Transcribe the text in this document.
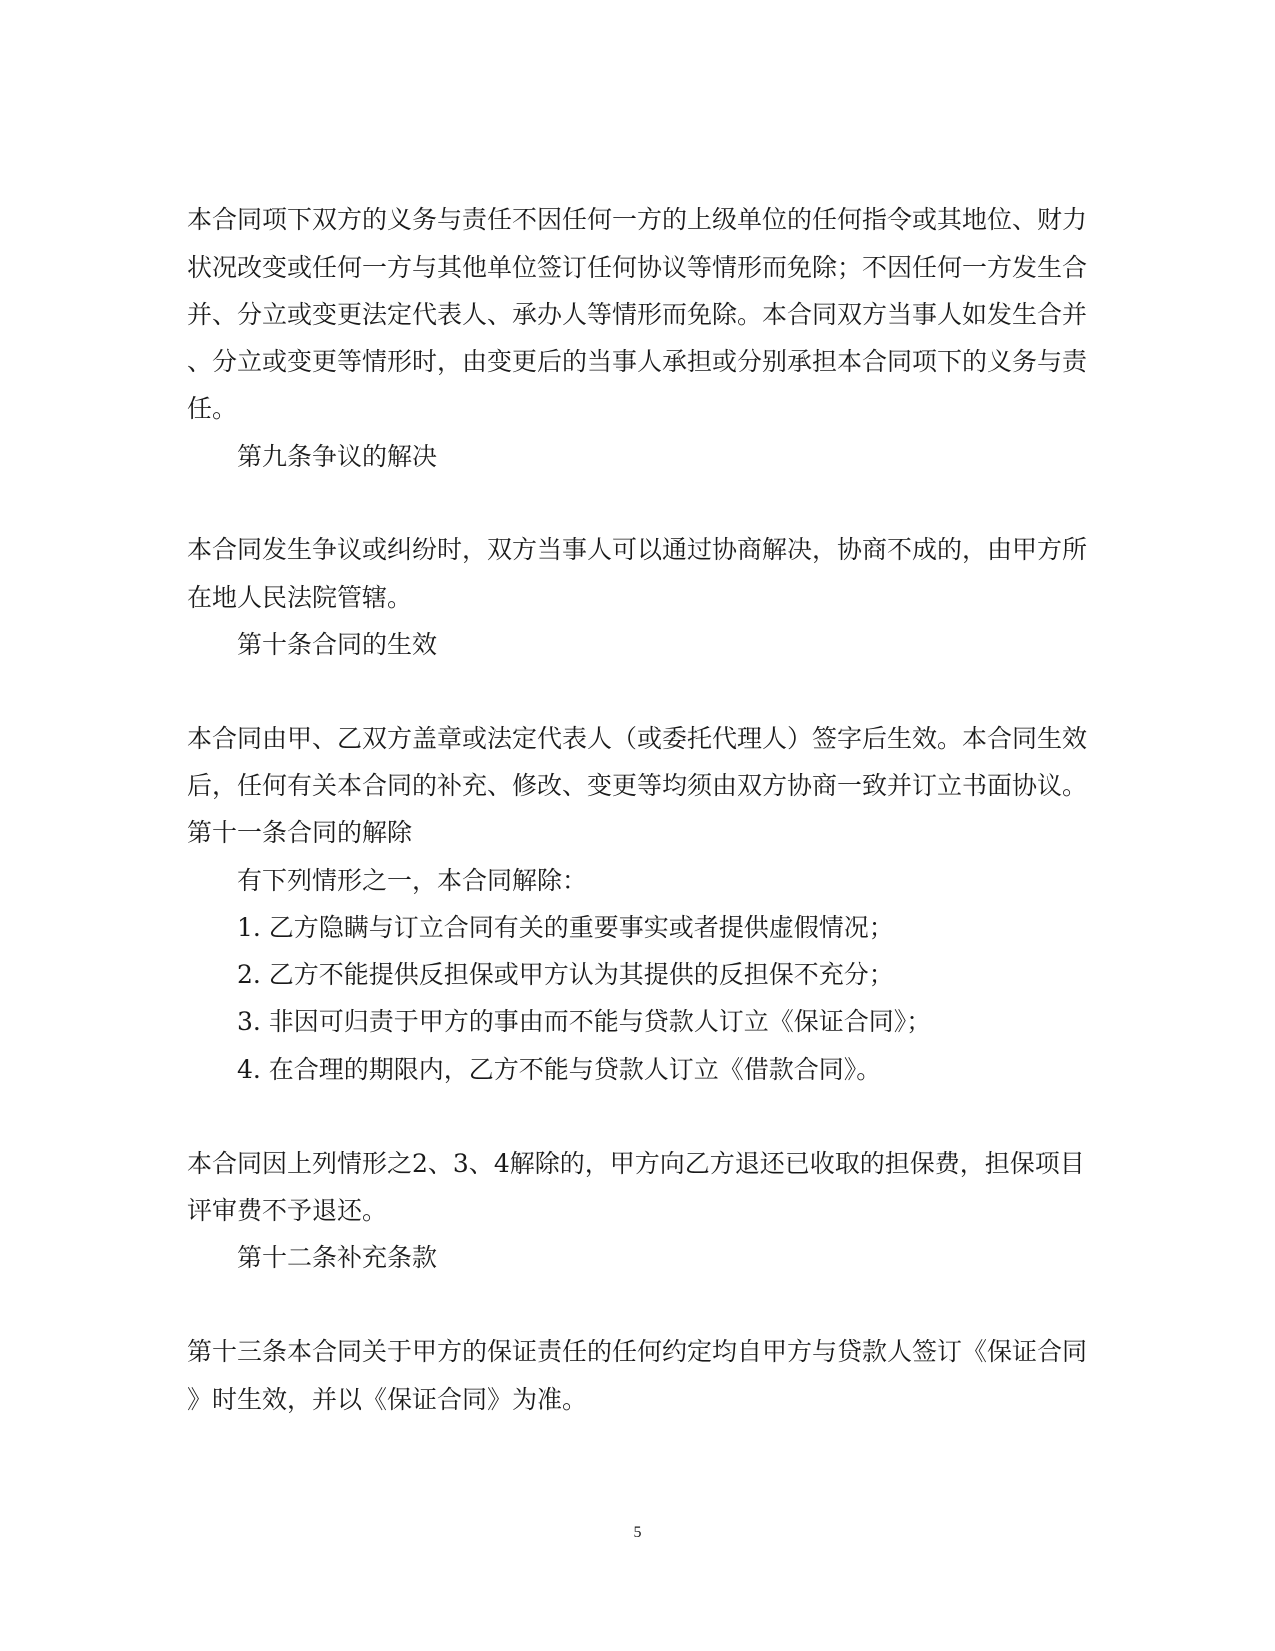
本合同项下双方的义务与责任不因任何一方的上级单位的任何指令或其地位、财力
状况改变或任何一方与其他单位签订任何协议等情形而免除；不因任何一方发生合
并、分立或变更法定代表人、承办人等情形而免除。本合同双方当事人如发生合并
、分立或变更等情形时，由变更后的当事人承担或分别承担本合同项下的义务与责
任。
第九条争议的解决
本合同发生争议或纠纷时，双方当事人可以通过协商解决，协商不成的，由甲方所
在地人民法院管辖。
第十条合同的生效
本合同由甲、乙双方盖章或法定代表人（或委托代理人）签字后生效。本合同生效
后，任何有关本合同的补充、修改、变更等均须由双方协商一致并订立书面协议。
第十一条合同的解除
有下列情形之一，本合同解除：
1. 乙方隐瞒与订立合同有关的重要事实或者提供虚假情况；
2. 乙方不能提供反担保或甲方认为其提供的反担保不充分；
3. 非因可归责于甲方的事由而不能与贷款人订立《保证合同》；
4. 在合理的期限内，乙方不能与贷款人订立《借款合同》。
本合同因上列情形之2、3、4解除的，甲方向乙方退还已收取的担保费，担保项目
评审费不予退还。
第十二条补充条款
第十三条本合同关于甲方的保证责任的任何约定均自甲方与贷款人签订《保证合同
》时生效，并以《保证合同》为准。
5
